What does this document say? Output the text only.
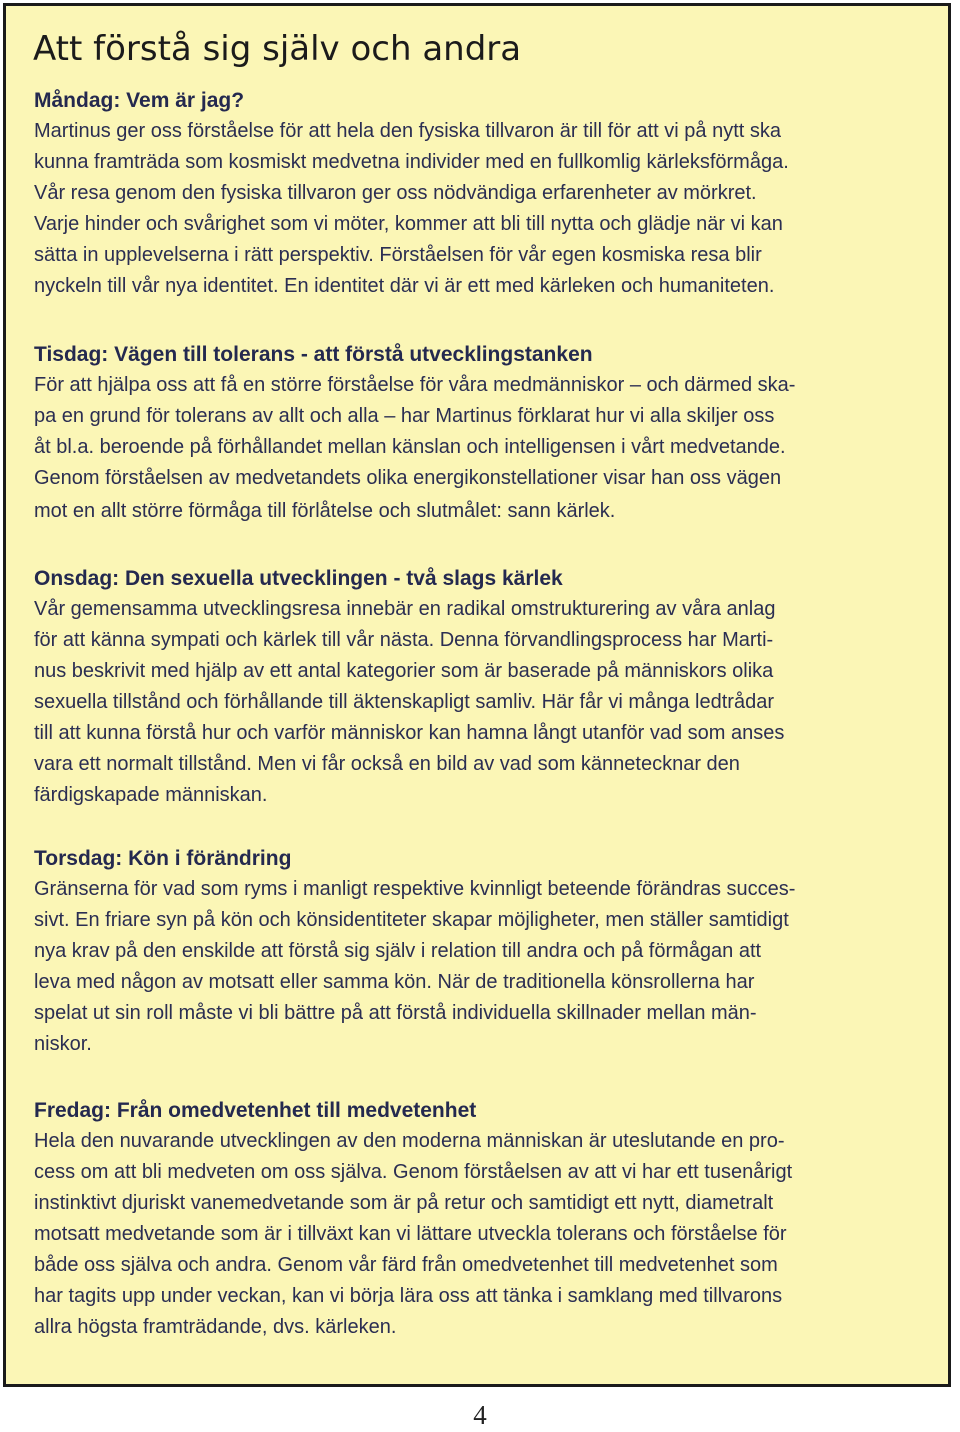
Att förstå sig själv och andra
Måndag: Vem är jag?
Martinus ger oss förståelse för att hela den fysiska tillvaron är till för att vi på nytt ska
kunna framträda som kosmiskt medvetna individer med en fullkomlig kärleksförmåga.
Vår resa genom den fysiska tillvaron ger oss nödvändiga erfarenheter av mörkret.
Varje hinder och svårighet som vi möter, kommer att bli till nytta och glädje när vi kan
sätta in upplevelserna i rätt perspektiv. Förståelsen för vår egen kosmiska resa blir
nyckeln till vår nya identitet. En identitet där vi är ett med kärleken och humaniteten.
Tisdag: Vägen till tolerans - att förstå utvecklingstanken
För att hjälpa oss att få en större förståelse för våra medmänniskor – och därmed ska-
pa en grund för tolerans av allt och alla – har Martinus förklarat hur vi alla skiljer oss
åt bl.a. beroende på förhållandet mellan känslan och intelligensen i vårt medvetande.
Genom förståelsen av medvetandets olika energikonstellationer visar han oss vägen
mot en allt större förmåga till förlåtelse och slutmålet: sann kärlek.
Onsdag: Den sexuella utvecklingen - två slags kärlek
Vår gemensamma utvecklingsresa innebär en radikal omstrukturering av våra anlag
för att känna sympati och kärlek till vår nästa. Denna förvandlingsprocess har Marti-
nus beskrivit med hjälp av ett antal kategorier som är baserade på människors olika
sexuella tillstånd och förhållande till äktenskapligt samliv. Här får vi många ledtrådar
till att kunna förstå hur och varför människor kan hamna långt utanför vad som anses
vara ett normalt tillstånd. Men vi får också en bild av vad som kännetecknar den
färdigskapade människan.
Torsdag: Kön i förändring
Gränserna för vad som ryms i manligt respektive kvinnligt beteende förändras succes-
sivt. En friare syn på kön och könsidentiteter skapar möjligheter, men ställer samtidigt
nya krav på den enskilde att förstå sig själv i relation till andra och på förmågan att
leva med någon av motsatt eller samma kön. När de traditionella könsrollerna har
spelat ut sin roll måste vi bli bättre på att förstå individuella skillnader mellan män-
niskor.
Fredag: Från omedvetenhet till medvetenhet
Hela den nuvarande utvecklingen av den moderna människan är uteslutande en pro-
cess om att bli medveten om oss själva. Genom förståelsen av att vi har ett tusenårigt
instinktivt djuriskt vanemedvetande som är på retur och samtidigt ett nytt, diametralt
motsatt medvetande som är i tillväxt kan vi lättare utveckla tolerans och förståelse för
både oss själva och andra. Genom vår färd från omedvetenhet till medvetenhet som
har tagits upp under veckan, kan vi börja lära oss att tänka i samklang med tillvarons
allra högsta framträdande, dvs. kärleken.
4
